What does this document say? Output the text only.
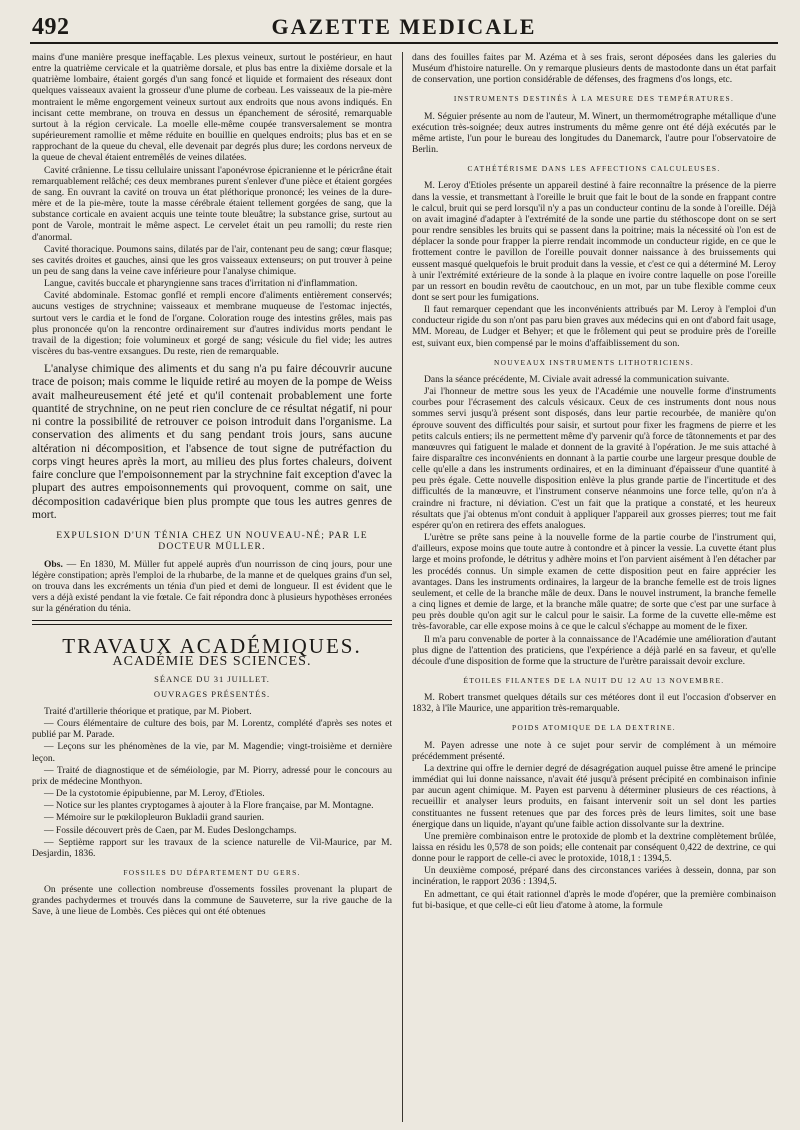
492	GAZETTE MEDICALE

mains d'une manière presque ineffaçable. Les plexus veineux, surtout le postérieur, en haut entre la quatrième cervicale et la quatrième dorsale, et plus bas entre la dixième dorsale et la quatrième lombaire, étaient gorgés d'un sang foncé et liquide et formaient des réseaux dont quelques vaisseaux avaient la grosseur d'une plume de corbeau. Les vaisseaux de la pie-mère montraient le même engorgement veineux surtout aux endroits que nous avons indiqués. En incisant cette membrane, on trouva en dessus un épanchement de sérosité, remarquable surtout à la région cervicale. La moelle elle-même coupée transversalement se montra supérieurement ramollie et même réduite en bouillie en quelques endroits; plus bas et en se rapprochant de la queue du cheval, elle devenait par degrés plus dure; les cordons nerveux de la queue de cheval étaient entremêlés de veines dilatées.

Cavité crânienne. Le tissu cellulaire unissant l'aponévrose épicranienne et le péricrâne était remarquablement relâché; ces deux membranes purent s'enlever d'une pièce et étaient gorgées de sang. En ouvrant la cavité on trouva un état pléthorique prononcé; les veines de la dure-mère et de la pie-mère, toute la masse cérébrale étaient tellement gorgées de sang, que la substance corticale en avaient acquis une teinte toute bleuâtre; la substance grise, surtout au pont de Varole, montrait le même aspect. Le cervelet était un peu ramolli; du reste rien d'anormal.

Cavité thoracique. Poumons sains, dilatés par de l'air, contenant peu de sang; cœur flasque; ses cavités droites et gauches, ainsi que les gros vaisseaux extenseurs; on put trouver à peine un peu de sang dans la veine cave inférieure pour l'analyse chimique.

Langue, cavités buccale et pharyngienne sans traces d'irritation ni d'inflammation.

Cavité abdominale. Estomac gonflé et rempli encore d'aliments entièrement conservés; aucuns vestiges de strychnine; vaisseaux et membrane muqueuse de l'estomac injectés, surtout vers le cardia et le fond de l'organe. Coloration rouge des intestins grêles, mais pas plus prononcée qu'on la rencontre ordinairement sur d'autres individus morts pendant le travail de la digestion; foie volumineux et gorgé de sang; vésicule du fiel vide; les autres viscères du bas-ventre exsangues. Du reste, rien de remarquable.

L'analyse chimique des aliments et du sang n'a pu faire découvrir aucune trace de poison; mais comme le liquide retiré au moyen de la pompe de Weiss avait malheureusement été jeté et qu'il contenait probablement une forte quantité de strychnine, on ne peut rien conclure de ce résultat négatif, ni pour ni contre la possibilité de retrouver ce poison introduit dans l'organisme. La conservation des aliments et du sang pendant trois jours, sans aucune altération ni décomposition, et l'absence de tout signe de putréfaction du corps vingt heures après la mort, au milieu des plus fortes chaleurs, doivent faire conclure que l'empoisonnement par la strychnine fait exception d'avec la plupart des autres empoisonnements qui provoquent, comme on sait, une décomposition cadavérique bien plus prompte que tous les autres genres de mort.

EXPULSION D'UN TÉNIA CHEZ UN NOUVEAU-NÉ; PAR LE DOCTEUR MÜLLER.

Obs. — En 1830, M. Müller fut appelé auprès d'un nourrisson de cinq jours, pour une légère constipation; après l'emploi de la rhubarbe, de la manne et de quelques grains d'un sel, on trouva dans les excréments un ténia d'un pied et demi de longueur. Il est évident que le vers a déjà existé pendant la vie fœtale. Ce fait répondra donc à plusieurs hypothèses erronées sur la génération du ténia.

TRAVAUX ACADÉMIQUES.

ACADÉMIE DES SCIENCES.

SÉANCE DU 31 JUILLET.

OUVRAGES PRÉSENTÉS.

Traité d'artillerie théorique et pratique, par M. Piobert.

— Cours élémentaire de culture des bois, par M. Lorentz, complété d'après ses notes et publié par M. Parade.

— Leçons sur les phénomènes de la vie, par M. Magendie; vingt-troisième et dernière leçon.

— Traité de diagnostique et de séméiologie, par M. Piorry, adressé pour le concours au prix de médecine Monthyon.

— De la cystotomie épipubienne, par M. Leroy, d'Etioles.

— Notice sur les plantes cryptogames à ajouter à la Flore française, par M. Montagne.

— Mémoire sur le pœkilopleuron Bukladii grand saurien.

— Fossile découvert près de Caen, par M. Eudes Deslongchamps.

— Septième rapport sur les travaux de la science naturelle de Vil-Maurice, par M. Desjardin, 1836.

FOSSILES DU DÉPARTEMENT DU GERS.

On présente une collection nombreuse d'ossements fossiles provenant la plupart de grandes pachydermes et trouvés dans la commune de Sauveterre, sur la rive gauche de la Save, à une lieue de Lombès. Ces pièces qui ont été obtenues

dans des fouilles faites par M. Azéma et à ses frais, seront déposées dans les galeries du Muséum d'histoire naturelle. On y remarque plusieurs dents de mastodonte dans un état parfait de conservation, une portion considérable de défenses, des fragmens d'os longs, etc.

INSTRUMENTS DESTINÉS À LA MESURE DES TEMPÉRATURES.

M. Séguier présente au nom de l'auteur, M. Winert, un thermométrographe métallique d'une exécution très-soignée; deux autres instruments du même genre ont été déjà exécutés par le même artiste, l'un pour le bureau des longitudes du Danemarck, l'autre pour l'observatoire de Berlin.

CATHÉTÉRISME DANS LES AFFECTIONS CALCULEUSES.

M. Leroy d'Etioles présente un appareil destiné à faire reconnaître la présence de la pierre dans la vessie, et transmettant à l'oreille le bruit que fait le bout de la sonde en frappant contre le calcul, bruit qui se perd lorsqu'il n'y a pas un conducteur continu de la sonde à l'oreille. Déjà on avait imaginé d'adapter à l'extrémité de la sonde une partie du stéthoscope dont on se sert pour rendre sensibles les bruits qui se passent dans la poitrine; mais la nécessité où l'on est de déplacer la sonde pour frapper la pierre rendait incommode un conducteur rigide, en ce que le frottement contre le pavillon de l'oreille pouvait donner naissance à des bruissements qui eussent masqué quelquefois le bruit produit dans la vessie, et c'est ce qui a déterminé M. Leroy à unir l'extrémité extérieure de la sonde à la plaque en ivoire contre laquelle on pose l'oreille par un ressort en boudin revêtu de caoutchouc, en un mot, par un tube flexible comme ceux dont se sert pour les fumigations.

Il faut remarquer cependant que les inconvénients attribués par M. Leroy à l'emploi d'un conducteur rigide du son n'ont pas paru bien graves aux médecins qui en ont d'abord fait usage, MM. Moreau, de Ludger et Behyer; et que le frôlement qui peut se produire près de l'oreille est, suivant eux, bien compensé par le moins d'affaiblissement du son.

NOUVEAUX INSTRUMENTS LITHOTRICIENS.

Dans la séance précédente, M. Civiale avait adressé la communication suivante.

J'ai l'honneur de mettre sous les yeux de l'Académie une nouvelle forme d'instruments courbes pour l'écrasement des calculs vésicaux. Ceux de ces instruments dont nous nous sommes servi jusqu'à présent sont disposés, dans leur partie recourbée, de manière qu'on éprouve souvent des difficultés pour saisir, et surtout pour fixer les fragmens de pierre et les petits calculs entiers; ils ne permettent même d'y parvenir qu'à force de tâtonnements et par des manœuvres qui fatiguent le malade et donnent de la gravité à l'opération. Je me suis attaché à faire disparaître ces inconvénients en donnant à la partie courbe une largeur presque double de celle qu'elle a dans les instruments ordinaires, et en la diminuant d'épaisseur d'une quantité à peu près égale. Cette nouvelle disposition enlève la plus grande partie de l'incertitude et des difficultés de la manœuvre, et l'instrument conserve néanmoins une force telle, qu'on n'a à craindre ni fracture, ni déviation. C'est un fait que la pratique a constaté, et les heureux résultats que j'ai obtenus m'ont conduit à appliquer l'appareil aux grosses pierres; tout me fait espérer qu'on en retirera des effets analogues.

L'urètre se prête sans peine à la nouvelle forme de la partie courbe de l'instrument qui, d'ailleurs, expose moins que toute autre à contondre et à pincer la vessie. La cuvette étant plus large et moins profonde, le détritus y adhère moins et l'on parvient aisément à l'en détacher par les procédés connus. Un simple examen de cette disposition peut en faire apprécier les avantages. Dans les instruments ordinaires, la largeur de la branche femelle est de trois lignes seulement, et celle de la branche mâle de deux. Dans le nouvel instrument, la branche femelle a cinq lignes et demie de large, et la branche mâle quatre; de sorte que c'est par une surface à peu près double qu'on agit sur le calcul pour le saisir. La forme de la cuvette elle-même est très-favorable, car elle expose moins à ce que le calcul s'échappe au moment de le fixer.

Il m'a paru convenable de porter à la connaissance de l'Académie une amélioration d'autant plus digne de l'attention des praticiens, que l'expérience a déjà parlé en sa faveur, et qu'elle découle d'une disposition de forme que la structure de l'urètre paraissait devoir exclure.

ÉTOILES FILANTES DE LA NUIT DU 12 AU 13 NOVEMBRE.

M. Robert transmet quelques détails sur ces météores dont il eut l'occasion d'observer en 1832, à l'île Maurice, une apparition très-remarquable.

POIDS ATOMIQUE DE LA DEXTRINE.

M. Payen adresse une note à ce sujet pour servir de complément à un mémoire précédemment présenté.

La dextrine qui offre le dernier degré de désagrégation auquel puisse être amené le principe immédiat qui lui donne naissance, n'avait été jusqu'à présent précipité en combinaison infinie par aucun agent chimique. M. Payen est parvenu à déterminer plusieurs de ces réactions, à recueillir et analyser leurs produits, en faisant intervenir soit un sel dont les parties constituantes ne fussent retenues que par des forces près de leurs limites, soit une base énergique dans un liquide, n'ayant qu'une faible action dissolvante sur la dextrine.

Une première combinaison entre le protoxide de plomb et la dextrine complètement brûlée, laissa en résidu les 0,578 de son poids; elle contenait par conséquent 0,422 de dextrine, ce qui donne pour le rapport de celle-ci avec le protoxide, 1018,1 : 1394,5.

Un deuxième composé, préparé dans des circonstances variées à dessein, donna, par son incinération, le rapport 2036 : 1394,5.

En admettant, ce qui était rationnel d'après le mode d'opérer, que la première combinaison fut bi-basique, et que celle-ci eût lieu d'atome à atome, la formule
